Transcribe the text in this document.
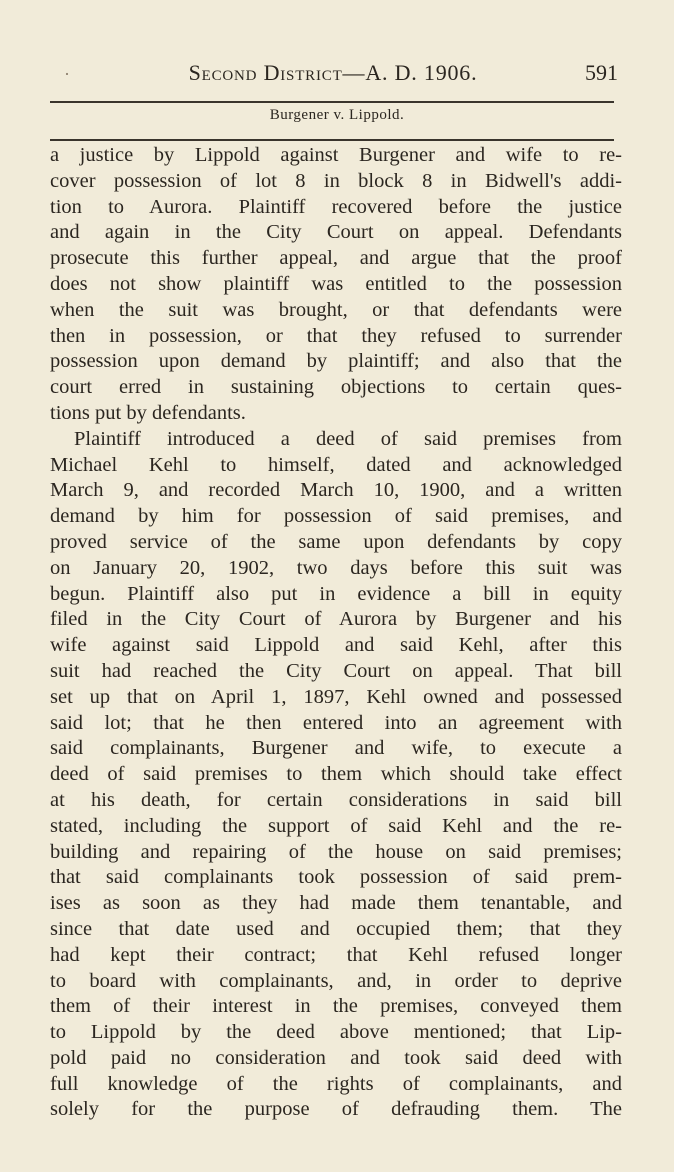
·	Second District—A. D. 1906.	591
Burgener v. Lippold.
a justice by Lippold against Burgener and wife to re-
cover possession of lot 8 in block 8 in Bidwell's addi-
tion to Aurora. Plaintiff recovered before the justice
and again in the City Court on appeal. Defendants
prosecute this further appeal, and argue that the proof
does not show plaintiff was entitled to the possession
when the suit was brought, or that defendants were
then in possession, or that they refused to surrender
possession upon demand by plaintiff; and also that the
court erred in sustaining objections to certain ques-
tions put by defendants.
Plaintiff introduced a deed of said premises from
Michael Kehl to himself, dated and acknowledged
March 9, and recorded March 10, 1900, and a written
demand by him for possession of said premises, and
proved service of the same upon defendants by copy
on January 20, 1902, two days before this suit was
begun. Plaintiff also put in evidence a bill in equity
filed in the City Court of Aurora by Burgener and his
wife against said Lippold and said Kehl, after this
suit had reached the City Court on appeal. That bill
set up that on April 1, 1897, Kehl owned and possessed
said lot; that he then entered into an agreement with
said complainants, Burgener and wife, to execute a
deed of said premises to them which should take effect
at his death, for certain considerations in said bill
stated, including the support of said Kehl and the re-
building and repairing of the house on said premises;
that said complainants took possession of said prem-
ises as soon as they had made them tenantable, and
since that date used and occupied them; that they
had kept their contract; that Kehl refused longer
to board with complainants, and, in order to deprive
them of their interest in the premises, conveyed them
to Lippold by the deed above mentioned; that Lip-
pold paid no consideration and took said deed with
full knowledge of the rights of complainants, and
solely for the purpose of defrauding them. The
